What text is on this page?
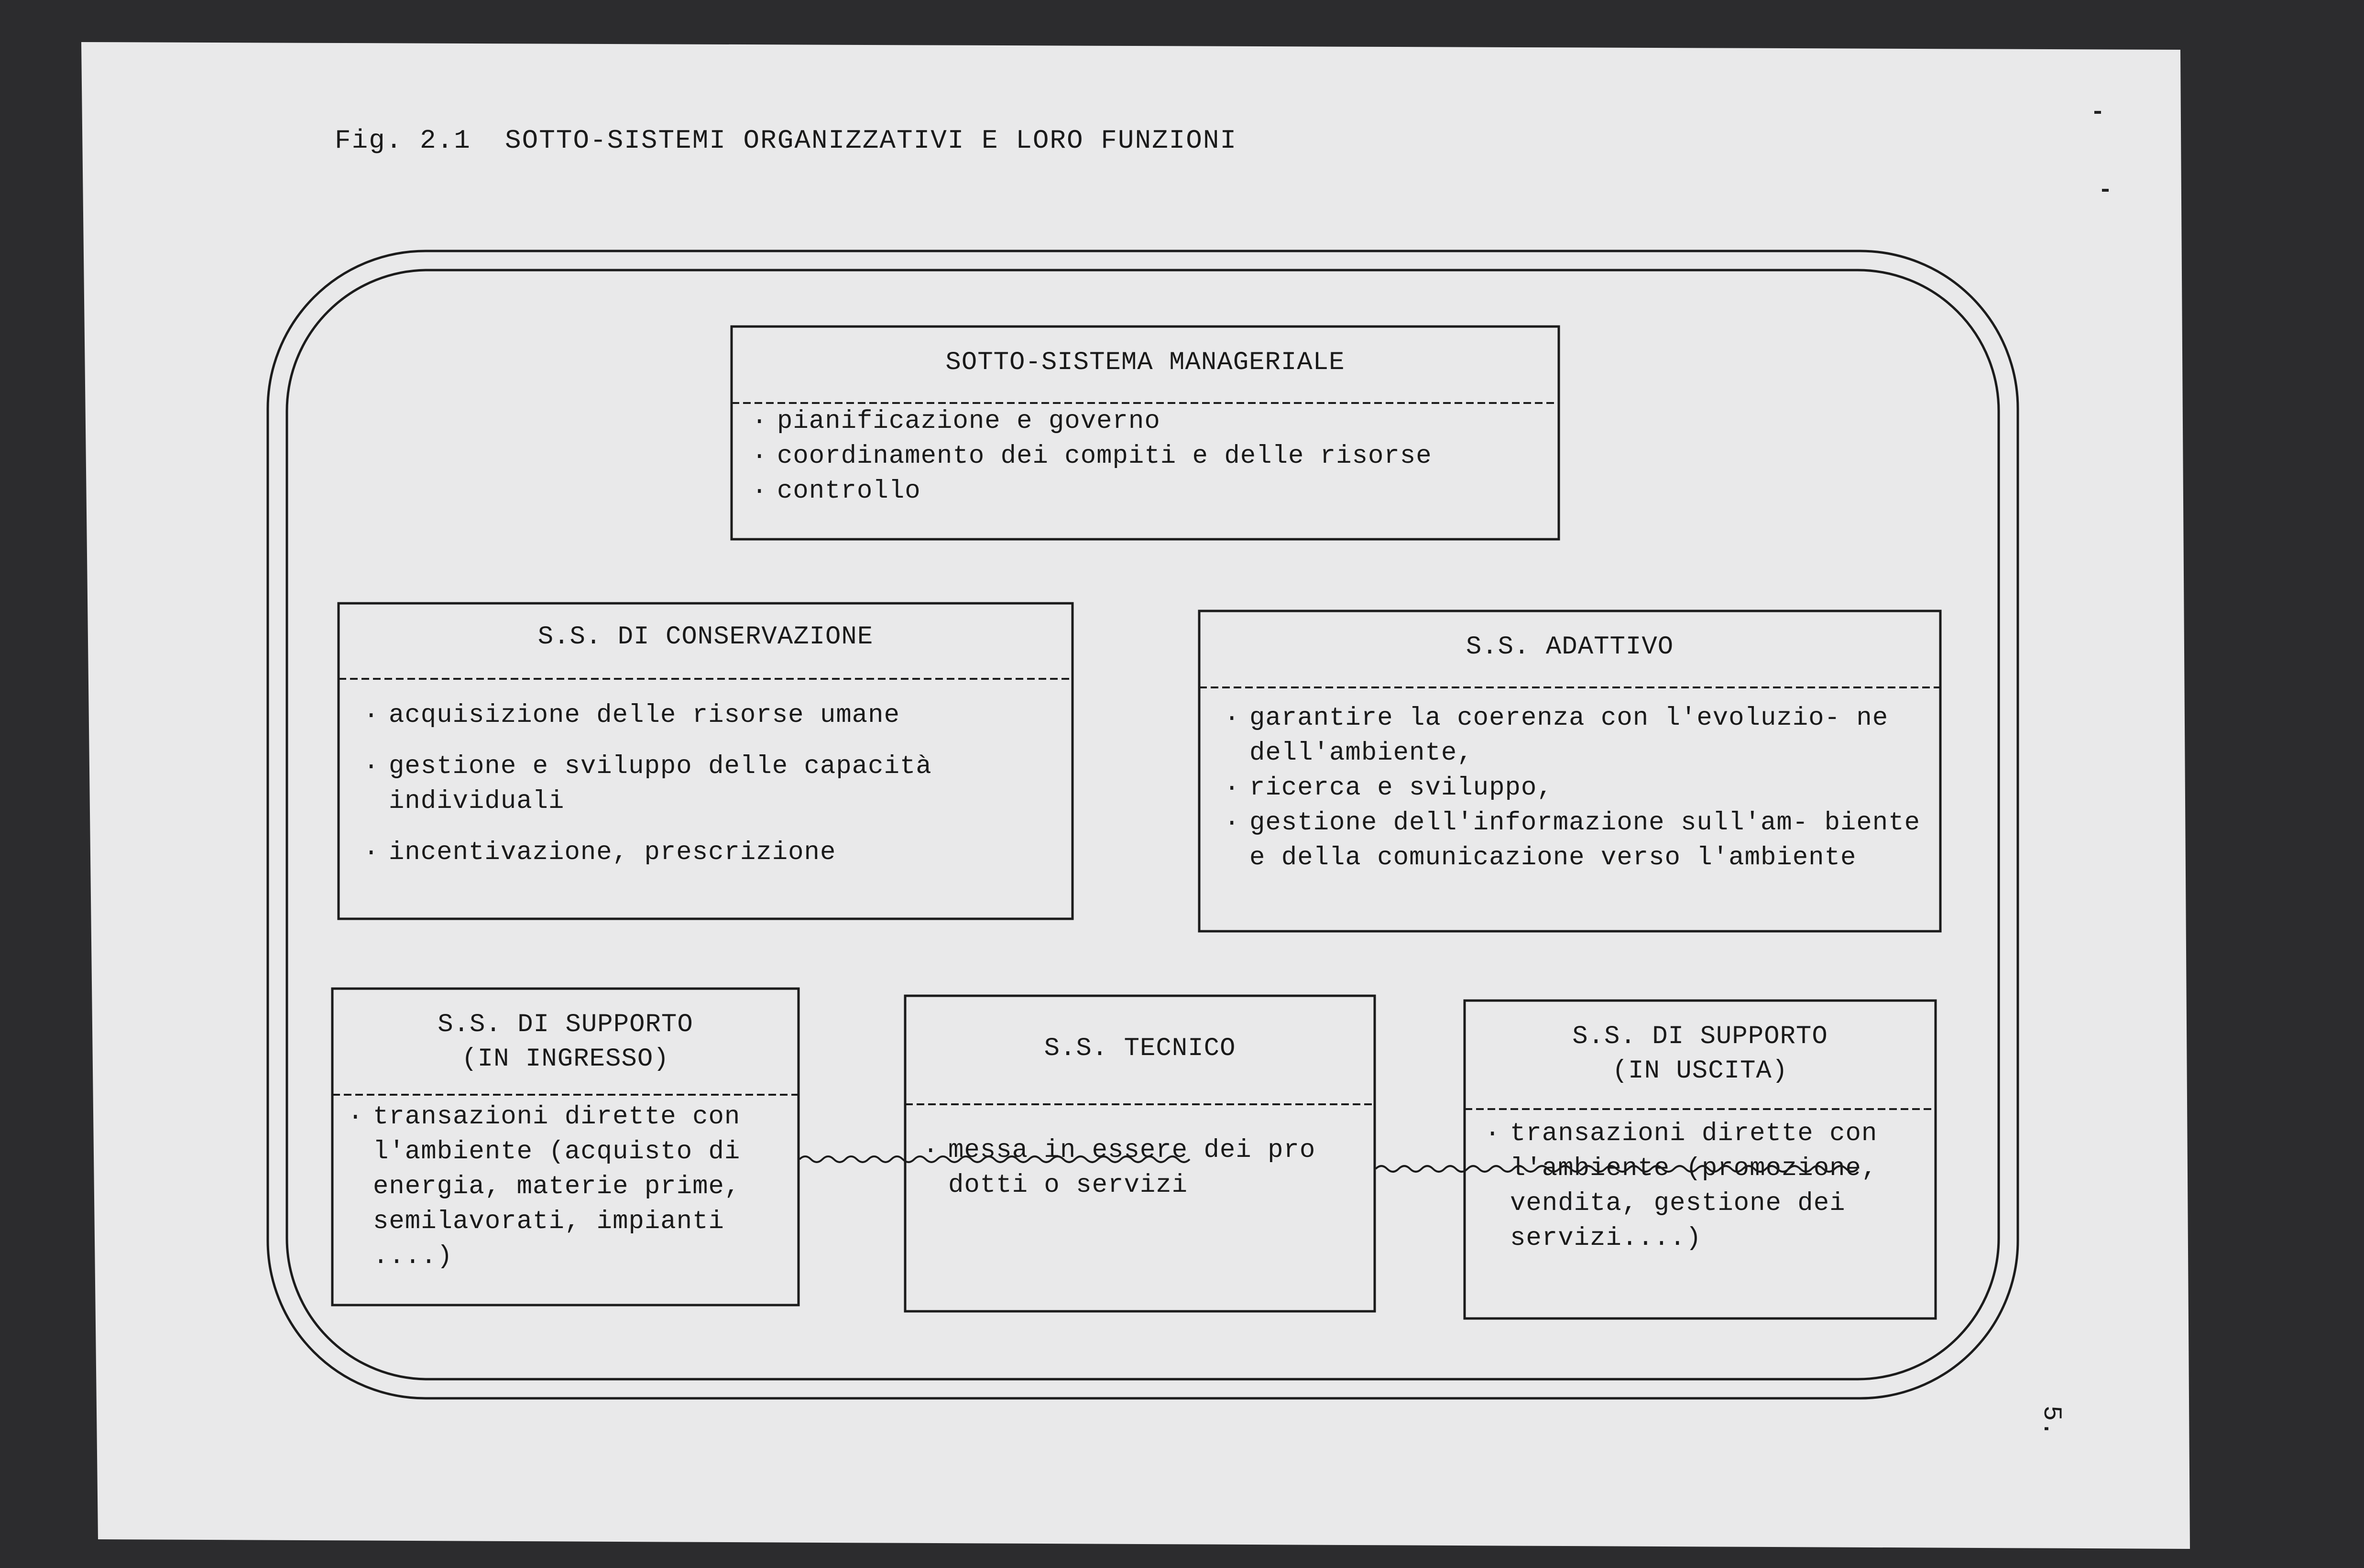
Fig. 2.1  SOTTO-SISTEMI ORGANIZZATIVI E LORO FUNZIONI
SOTTO-SISTEMA MANAGERIALE
. pianificazione e governo
. coordinamento dei compiti e delle risorse
. controllo
S.S. DI CONSERVAZIONE
. acquisizione delle risorse umane
. gestione e sviluppo delle capacità individuali
. incentivazione, prescrizione
S.S. ADATTIVO
. garantire la coerenza con l'evoluzio- ne dell'ambiente,
. ricerca e sviluppo,
. gestione dell'informazione sull'am- biente e della comunicazione verso l'ambiente
S.S. DI SUPPORTO
(IN INGRESSO)
. transazioni dirette con l'ambiente (acquisto di energia, materie prime, semilavorati, impianti ....)
S.S. TECNICO
. messa in essere dei pro dotti o servizi
S.S. DI SUPPORTO
(IN USCITA)
. transazioni dirette con l'ambiente (promozione, vendita, gestione dei servizi....)
5.
